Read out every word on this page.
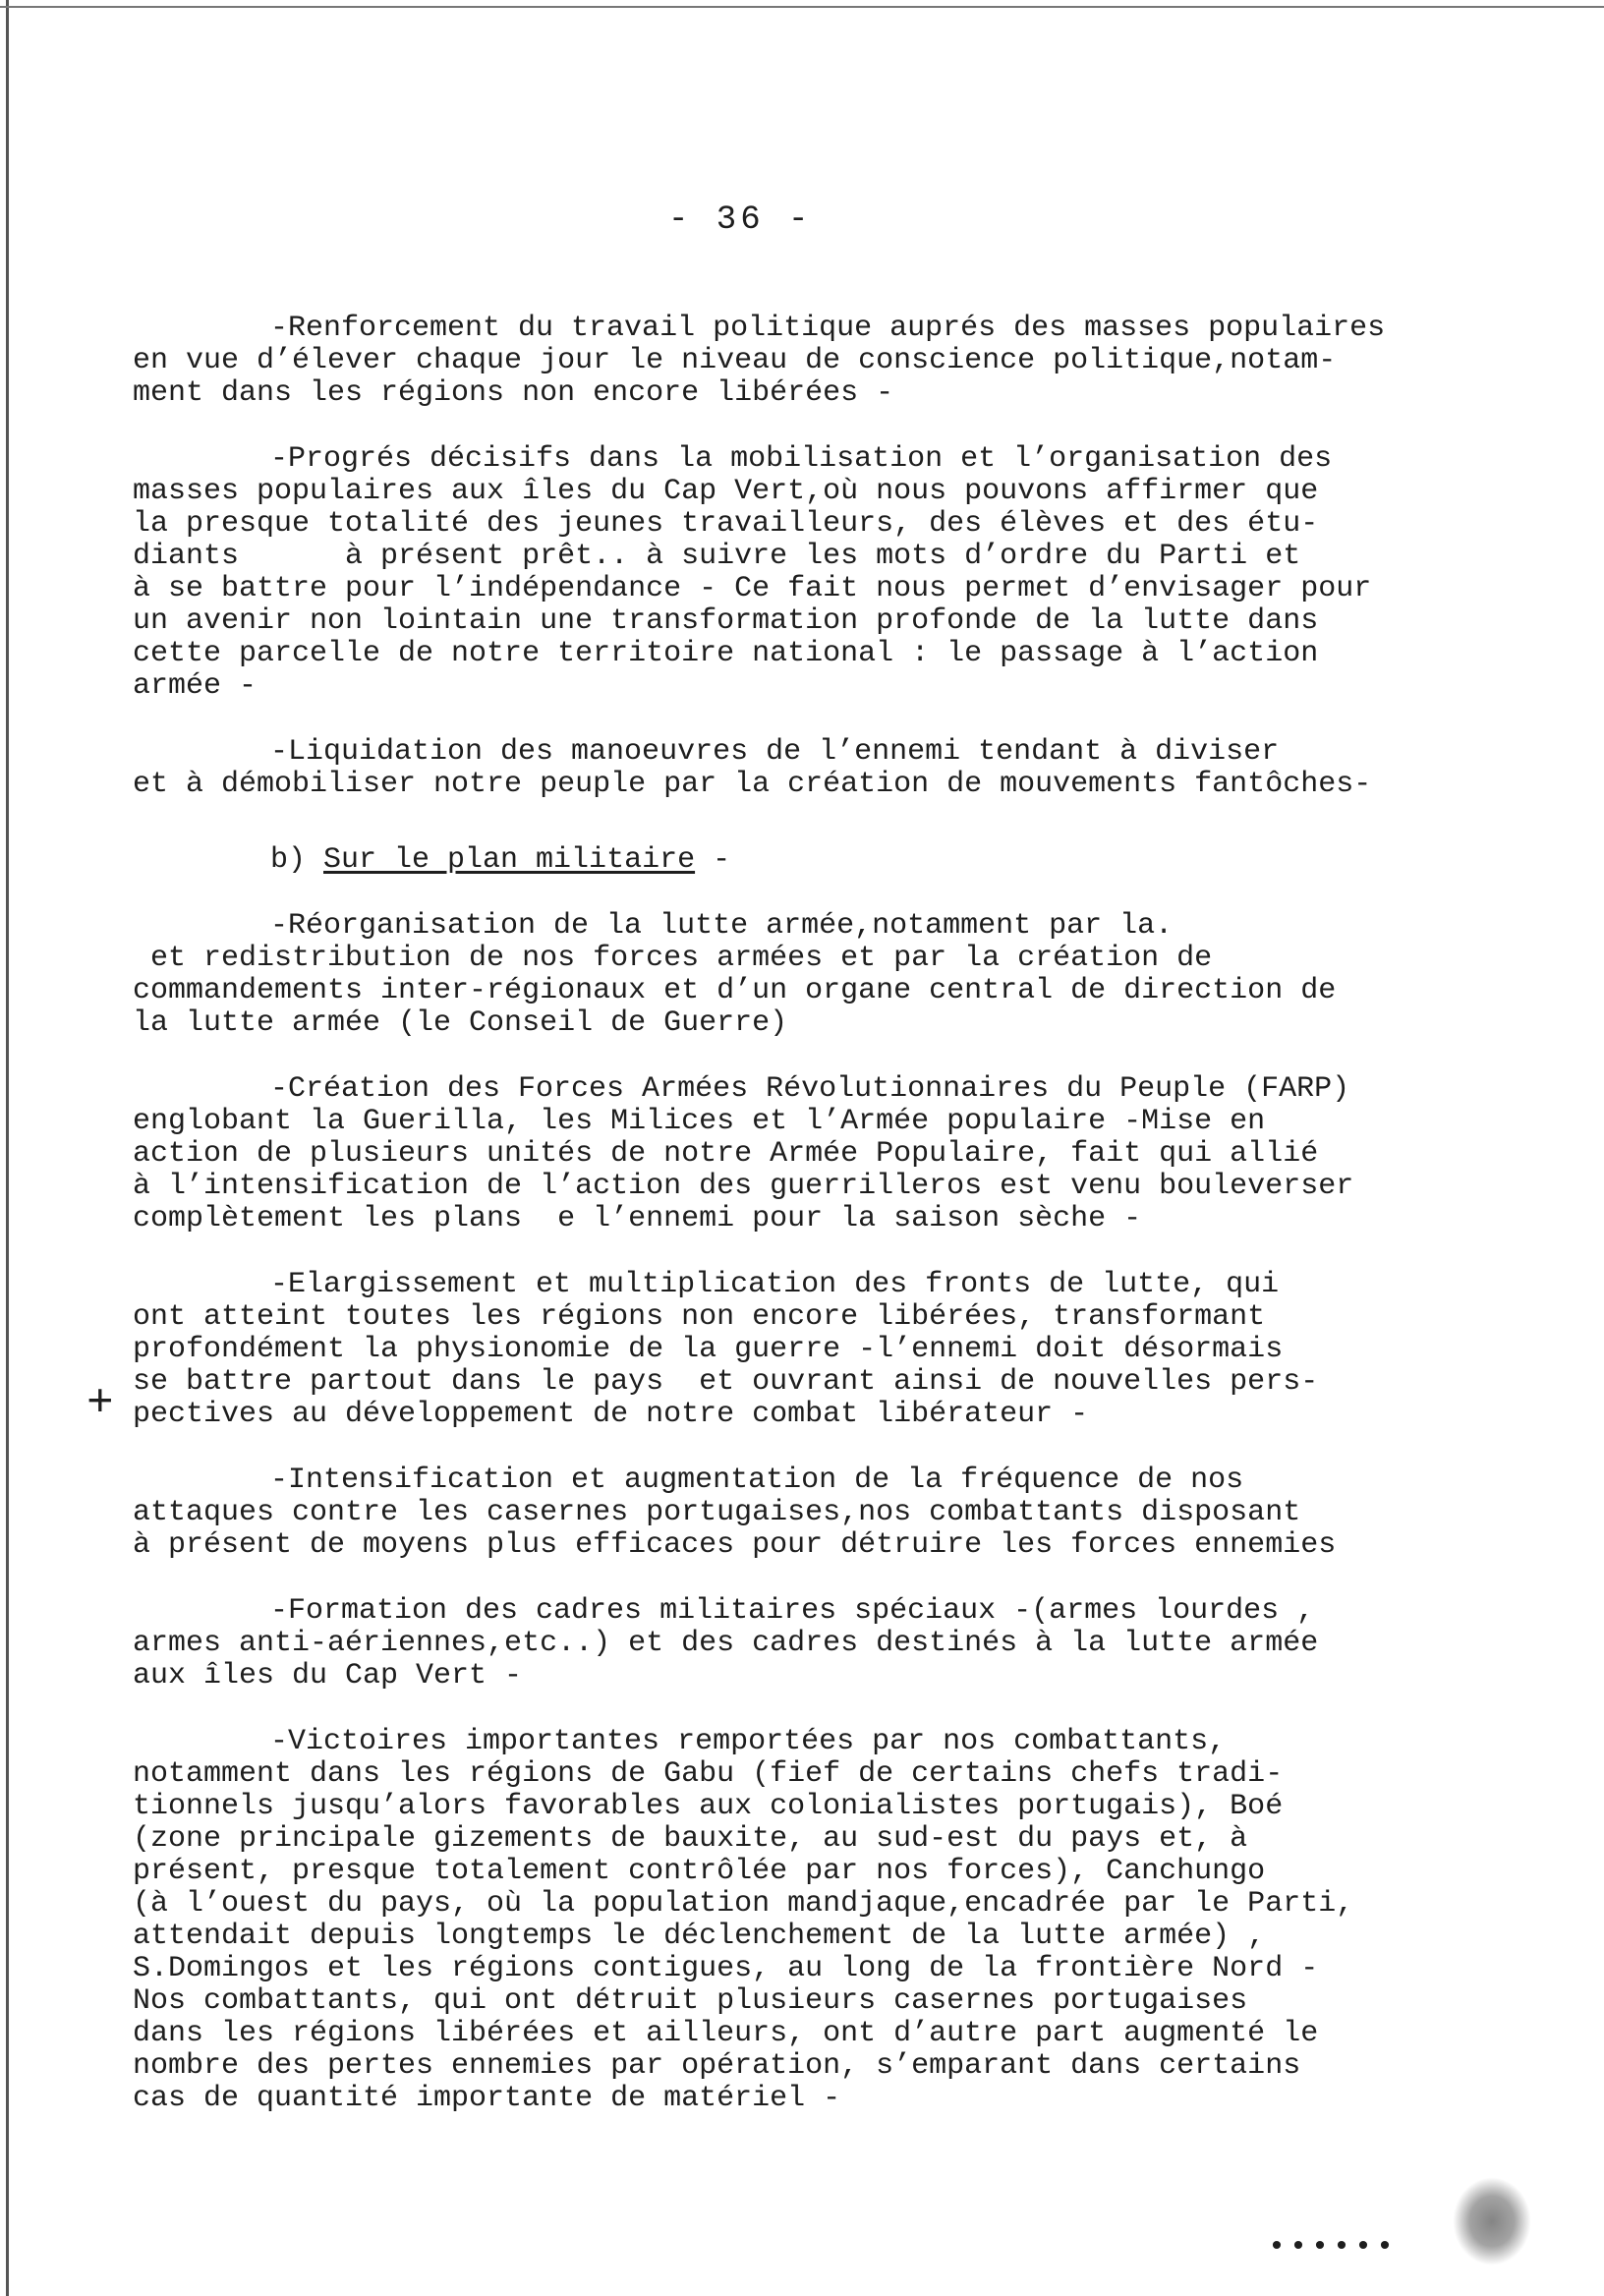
- 36 -
-Renforcement du travail politique auprés des masses populaires
en vue d’élever chaque jour le niveau de conscience politique,notam-
ment dans les régions non encore libérées -
-Progrés décisifs dans la mobilisation et l’organisation des
masses populaires aux îles du Cap Vert,où nous pouvons affirmer que
la presque totalité des jeunes travailleurs, des élèves et des étu-
diants      à présent prêt.. à suivre les mots d’ordre du Parti et
à se battre pour l’indépendance - Ce fait nous permet d’envisager pour
un avenir non lointain une transformation profonde de la lutte dans
cette parcelle de notre territoire national : le passage à l’action
armée -
-Liquidation des manoeuvres de l’ennemi tendant à diviser
et à démobiliser notre peuple par la création de mouvements fantôches-
b) Sur le plan militaire -
-Réorganisation de la lutte armée,notamment par la.
et redistribution de nos forces armées et par la création de
commandements inter-régionaux et d’un organe central de direction de
la lutte armée (le Conseil de Guerre)
-Création des Forces Armées Révolutionnaires du Peuple (FARP)
englobant la Guerilla, les Milices et l’Armée populaire -Mise en
action de plusieurs unités de notre Armée Populaire, fait qui allié
à l’intensification de l’action des guerrilleros est venu bouleverser
complètement les plans  e l’ennemi pour la saison sèche -
-Elargissement et multiplication des fronts de lutte, qui
ont atteint toutes les régions non encore libérées, transformant
profondément la physionomie de la guerre -l’ennemi doit désormais
se battre partout dans le pays  et ouvrant ainsi de nouvelles pers-
pectives au développement de notre combat libérateur -
-Intensification et augmentation de la fréquence de nos
attaques contre les casernes portugaises,nos combattants disposant
à présent de moyens plus efficaces pour détruire les forces ennemies
-Formation des cadres militaires spéciaux -(armes lourdes ,
armes anti-aériennes,etc..) et des cadres destinés à la lutte armée
aux îles du Cap Vert -
-Victoires importantes remportées par nos combattants,
notamment dans les régions de Gabu (fief de certains chefs tradi-
tionnels jusqu’alors favorables aux colonialistes portugais), Boé
(zone principale gizements de bauxite, au sud-est du pays et, à
présent, presque totalement contrôlée par nos forces), Canchungo
(à l’ouest du pays, où la population mandjaque,encadrée par le Parti,
attendait depuis longtemps le déclenchement de la lutte armée) ,
S.Domingos et les régions contigues, au long de la frontière Nord -
Nos combattants, qui ont détruit plusieurs casernes portugaises
dans les régions libérées et ailleurs, ont d’autre part augmenté le
nombre des pertes ennemies par opération, s’emparant dans certains
cas de quantité importante de matériel -
+
••••••
